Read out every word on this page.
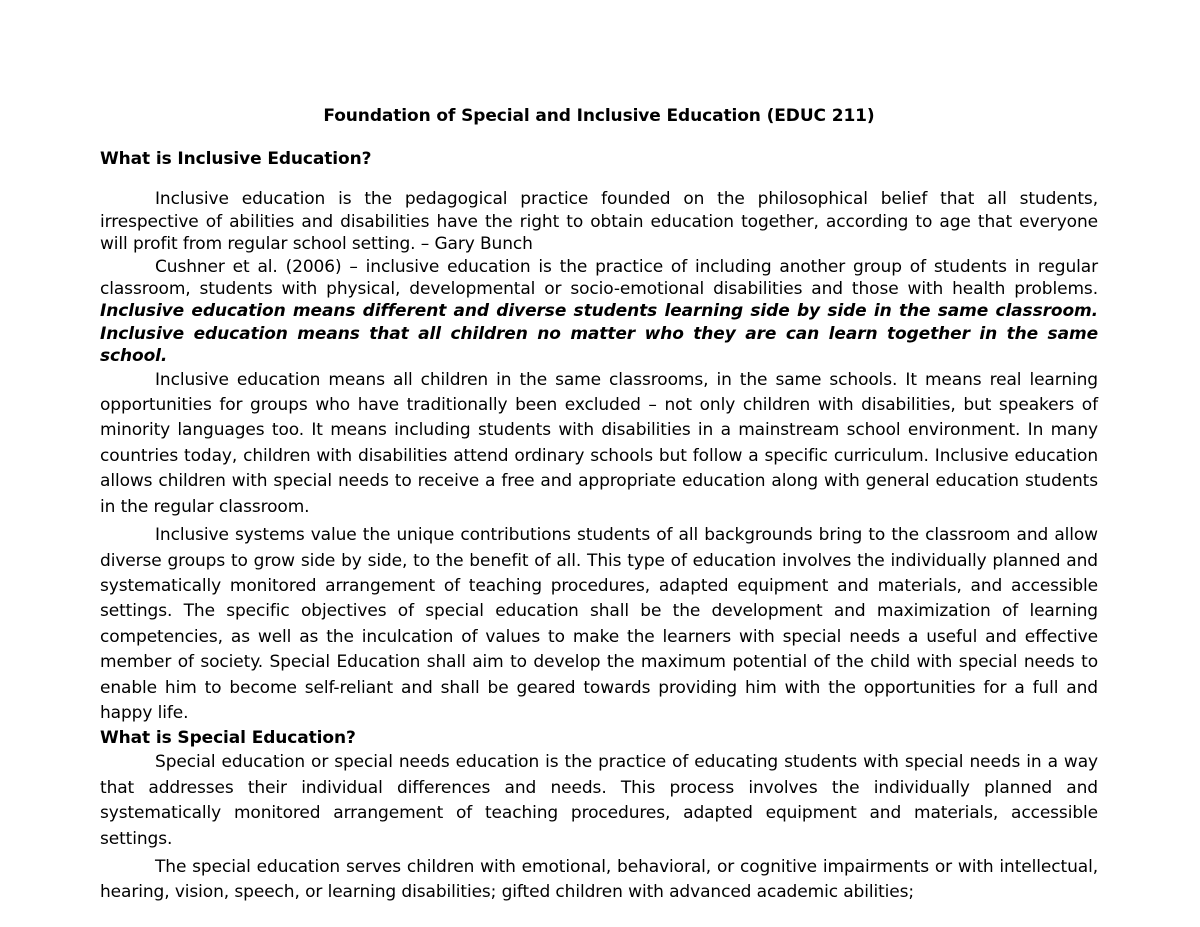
Foundation of Special and Inclusive Education (EDUC 211)
What is Inclusive Education?

Inclusive education is the pedagogical practice founded on the philosophical belief that all students, irrespective of abilities and disabilities have the right to obtain education together, according to age that everyone will profit from regular school setting. – Gary Bunch

Cushner et al. (2006) – inclusive education is the practice of including another group of students in regular classroom, students with physical, developmental or socio-emotional disabilities and those with health problems. Inclusive education means different and diverse students learning side by side in the same classroom. Inclusive education means that all children no matter who they are can learn together in the same school.

Inclusive education means all children in the same classrooms, in the same schools. It means real learning opportunities for groups who have traditionally been excluded – not only children with disabilities, but speakers of minority languages too. It means including students with disabilities in a mainstream school environment. In many countries today, children with disabilities attend ordinary schools but follow a specific curriculum. Inclusive education allows children with special needs to receive a free and appropriate education along with general education students in the regular classroom.

Inclusive systems value the unique contributions students of all backgrounds bring to the classroom and allow diverse groups to grow side by side, to the benefit of all. This type of education involves the individually planned and systematically monitored arrangement of teaching procedures, adapted equipment and materials, and accessible settings. The specific objectives of special education shall be the development and maximization of learning competencies, as well as the inculcation of values to make the learners with special needs a useful and effective member of society. Special Education shall aim to develop the maximum potential of the child with special needs to enable him to become self-reliant and shall be geared towards providing him with the opportunities for a full and happy life.

What is Special Education?

Special education or special needs education is the practice of educating students with special needs in a way that addresses their individual differences and needs. This process involves the individually planned and systematically monitored arrangement of teaching procedures, adapted equipment and materials, accessible settings.

The special education serves children with emotional, behavioral, or cognitive impairments or with intellectual, hearing, vision, speech, or learning disabilities; gifted children with advanced academic abilities;
